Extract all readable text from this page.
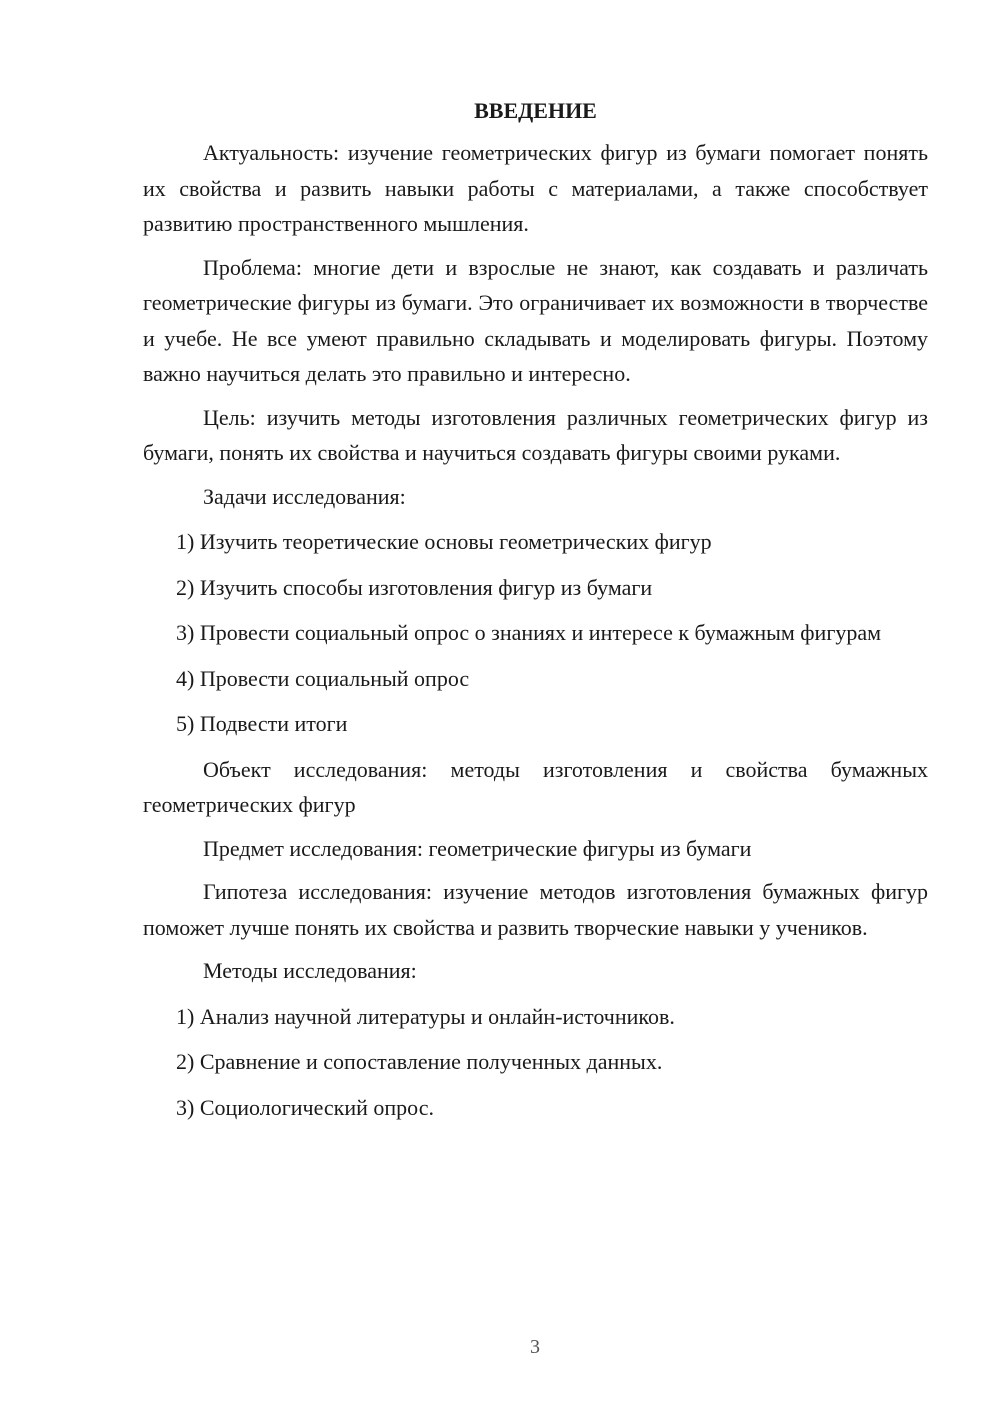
ВВЕДЕНИЕ

Актуальность: изучение геометрических фигур из бумаги помогает понять их свойства и развить навыки работы с материалами, а также способствует развитию пространственного мышления.

Проблема: многие дети и взрослые не знают, как создавать и различать геометрические фигуры из бумаги. Это ограничивает их возможности в творчестве и учебе. Не все умеют правильно складывать и моделировать фигуры. Поэтому важно научиться делать это правильно и интересно.

Цель: изучить методы изготовления различных геометрических фигур из бумаги, понять их свойства и научиться создавать фигуры своими руками.

Задачи исследования:

1) Изучить теоретические основы геометрических фигур

2) Изучить способы изготовления фигур из бумаги

3) Провести социальный опрос о знаниях и интересе к бумажным фигурам

4) Провести социальный опрос

5) Подвести итоги

Объект исследования: методы изготовления и свойства бумажных геометрических фигур

Предмет исследования: геометрические фигуры из бумаги

Гипотеза исследования: изучение методов изготовления бумажных фигур поможет лучше понять их свойства и развить творческие навыки у учеников.

Методы исследования:

1) Анализ научной литературы и онлайн-источников.

2) Сравнение и сопоставление полученных данных.

3) Социологический опрос.

3
